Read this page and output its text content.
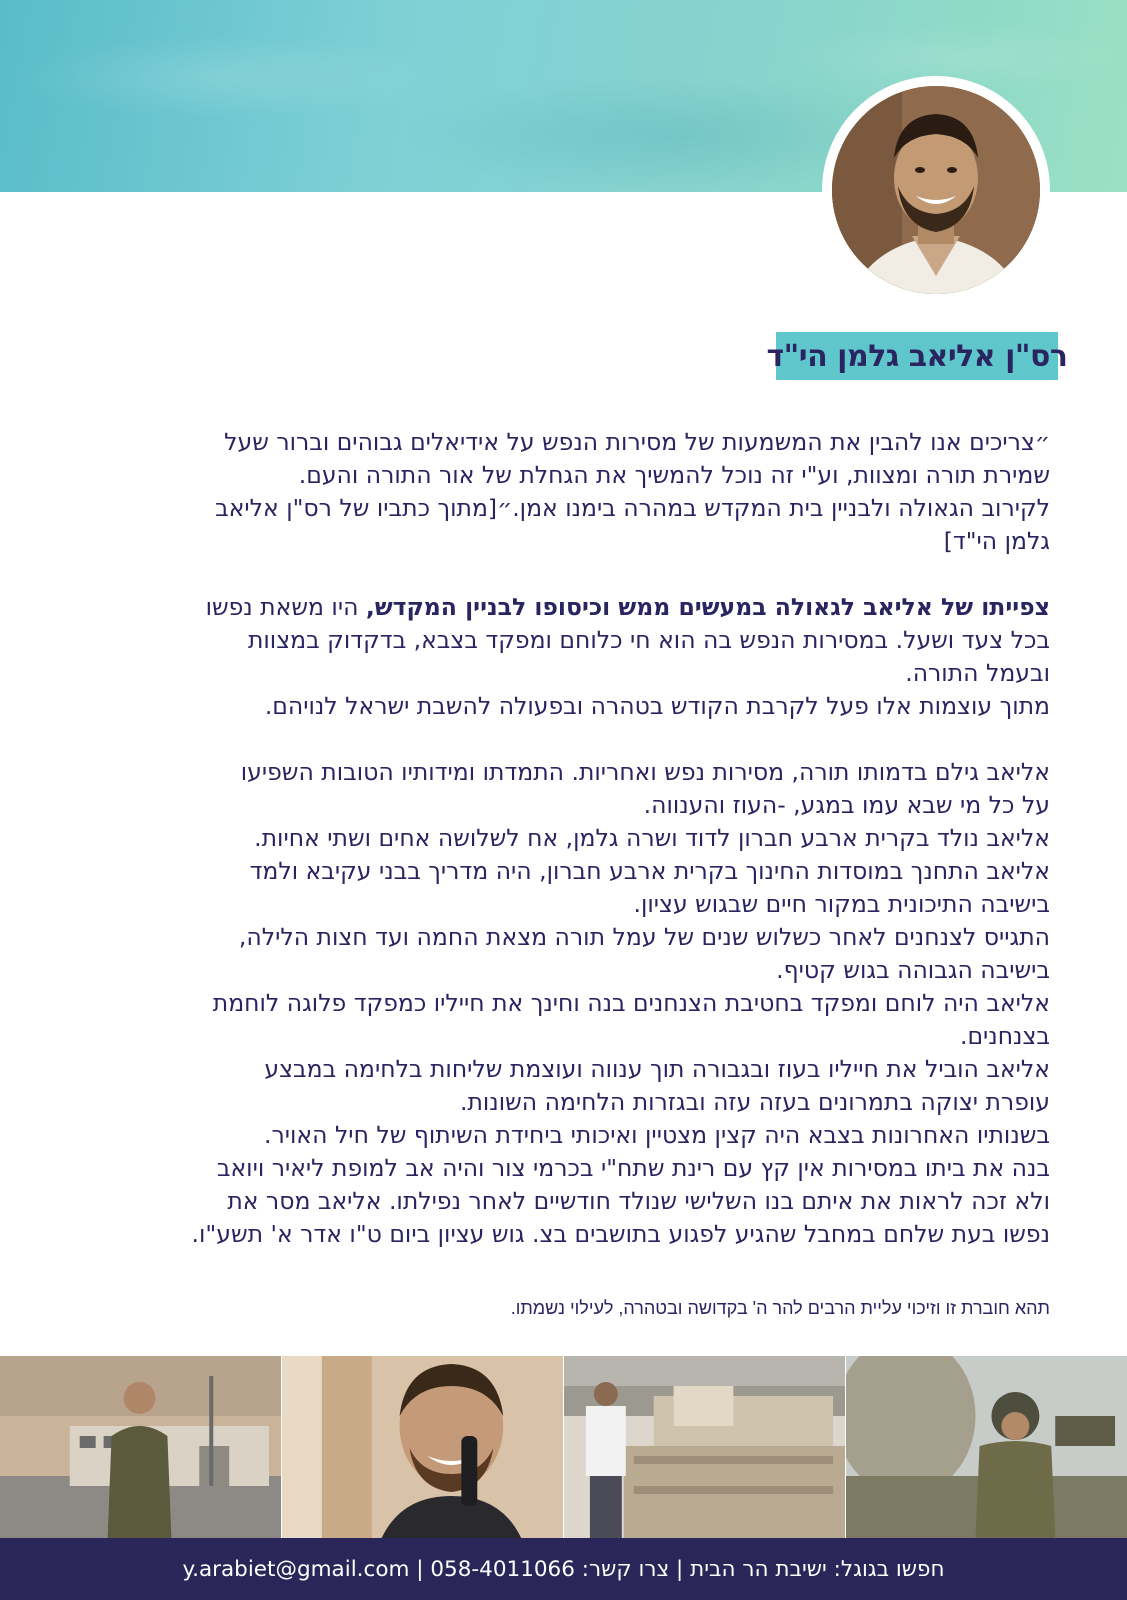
רס"ן אליאב גלמן הי"ד

״צריכים אנו להבין את המשמעות של מסירות הנפש על אידיאלים גבוהים וברור שעל

שמירת תורה ומצוות, וע"י זה נוכל להמשיך את הגחלת של אור התורה והעם.

לקירוב הגאולה ולבניין בית המקדש במהרה בימנו אמן.״[מתוך כתביו של רס"ן אליאב

גלמן הי"ד]

צפייתו של אליאב לגאולה במעשים ממש וכיסופו לבניין המקדש, היו משאת נפשו

בכל צעד ושעל. במסירות הנפש בה הוא חי כלוחם ומפקד בצבא, בדקדוק במצוות

ובעמל התורה.

מתוך עוצמות אלו פעל לקרבת הקודש בטהרה ובפעולה להשבת ישראל לנויהם.

אליאב גילם בדמותו תורה, מסירות נפש ואחריות. התמדתו ומידותיו הטובות השפיעו

על כל מי שבא עמו במגע, -העוז והענווה.

אליאב נולד בקרית ארבע חברון לדוד ושרה גלמן, אח לשלושה אחים ושתי אחיות.

אליאב התחנך במוסדות החינוך בקרית ארבע חברון, היה מדריך בבני עקיבא ולמד

בישיבה התיכונית במקור חיים שבגוש עציון.

התגייס לצנחנים לאחר כשלוש שנים של עמל תורה מצאת החמה ועד חצות הלילה,

בישיבה הגבוהה בגוש קטיף.

אליאב היה לוחם ומפקד בחטיבת הצנחנים בנה וחינך את חייליו כמפקד פלוגה לוחמת

בצנחנים.

אליאב הוביל את חייליו בעוז ובגבורה תוך ענווה ועוצמת שליחות בלחימה במבצע

עופרת יצוקה בתמרונים בעזה עזה ובגזרות הלחימה השונות.

בשנותיו האחרונות בצבא היה קצין מצטיין ואיכותי ביחידת השיתוף של חיל האויר.

בנה את ביתו במסירות אין קץ עם רינת שתח"י בכרמי צור והיה אב למופת ליאיר ויואב

ולא זכה לראות את איתם בנו השלישי שנולד חודשיים לאחר נפילתו. אליאב מסר את

נפשו בעת שלחם במחבל שהגיע לפגוע בתושבים בצ. גוש עציון ביום ט"ו אדר א' תשע"ו.

תהא חוברת זו וזיכוי עליית הרבים להר ה' בקדושה ובטהרה, לעילוי נשמתו.
חפשו בגוגל: ישיבת הר הבית | צרו קשר: 058-4011066 | y.arabiet@gmail.com
